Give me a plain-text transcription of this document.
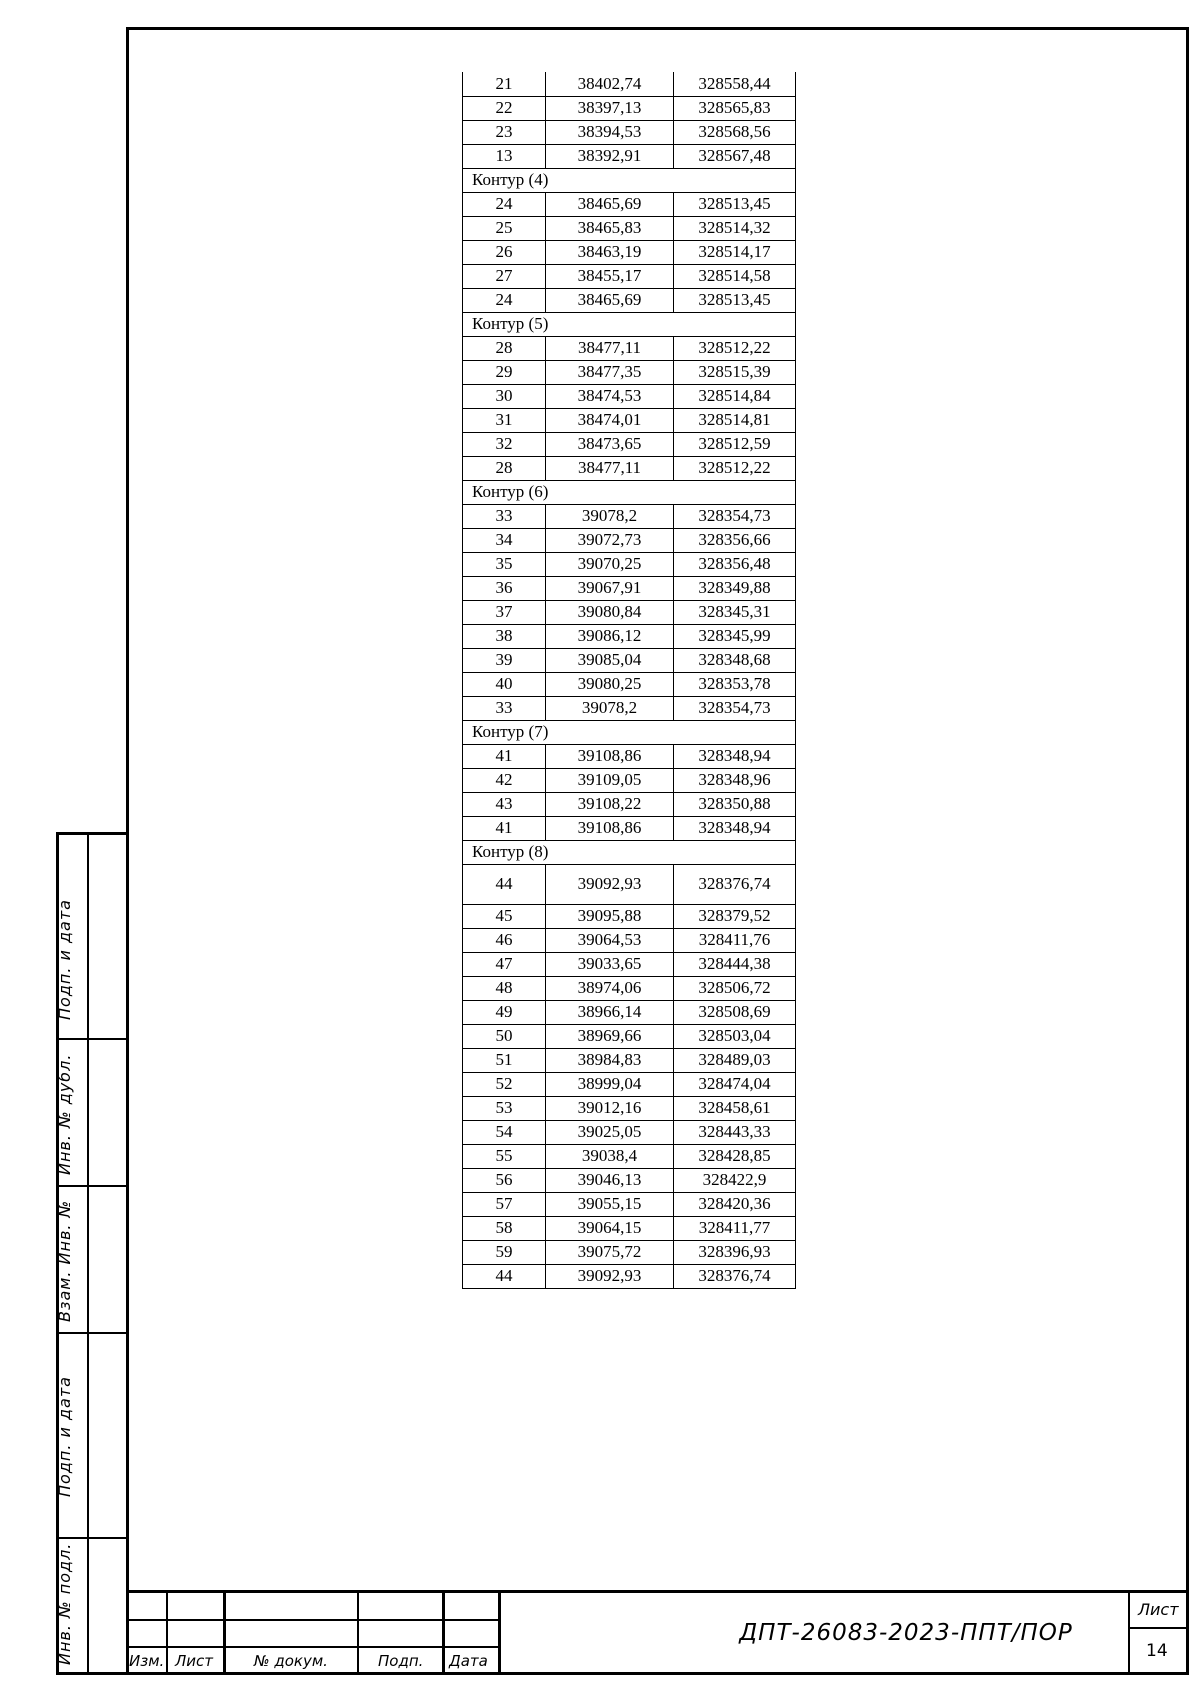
Подп. и дата
Инв. № дубл.
Взам. Инв. №
Подп. и дата
Инв. № подл.
21	38402,74	328558,44
22	38397,13	328565,83
23	38394,53	328568,56
13	38392,91	328567,48
Контур (4)		
24	38465,69	328513,45
25	38465,83	328514,32
26	38463,19	328514,17
27	38455,17	328514,58
24	38465,69	328513,45
Контур (5)		
28	38477,11	328512,22
29	38477,35	328515,39
30	38474,53	328514,84
31	38474,01	328514,81
32	38473,65	328512,59
28	38477,11	328512,22
Контур (6)		
33	39078,2	328354,73
34	39072,73	328356,66
35	39070,25	328356,48
36	39067,91	328349,88
37	39080,84	328345,31
38	39086,12	328345,99
39	39085,04	328348,68
40	39080,25	328353,78
33	39078,2	328354,73
Контур (7)		
41	39108,86	328348,94
42	39109,05	328348,96
43	39108,22	328350,88
41	39108,86	328348,94
Контур (8)		
44	39092,93	328376,74
45	39095,88	328379,52
46	39064,53	328411,76
47	39033,65	328444,38
48	38974,06	328506,72
49	38966,14	328508,69
50	38969,66	328503,04
51	38984,83	328489,03
52	38999,04	328474,04
53	39012,16	328458,61
54	39025,05	328443,33
55	39038,4	328428,85
56	39046,13	328422,9
57	39055,15	328420,36
58	39064,15	328411,77
59	39075,72	328396,93
44	39092,93	328376,74
Изм. Лист	№ докум.	Подп. Дата
ДПТ-26083-2023-ППТ/ПОР
Лист
14
